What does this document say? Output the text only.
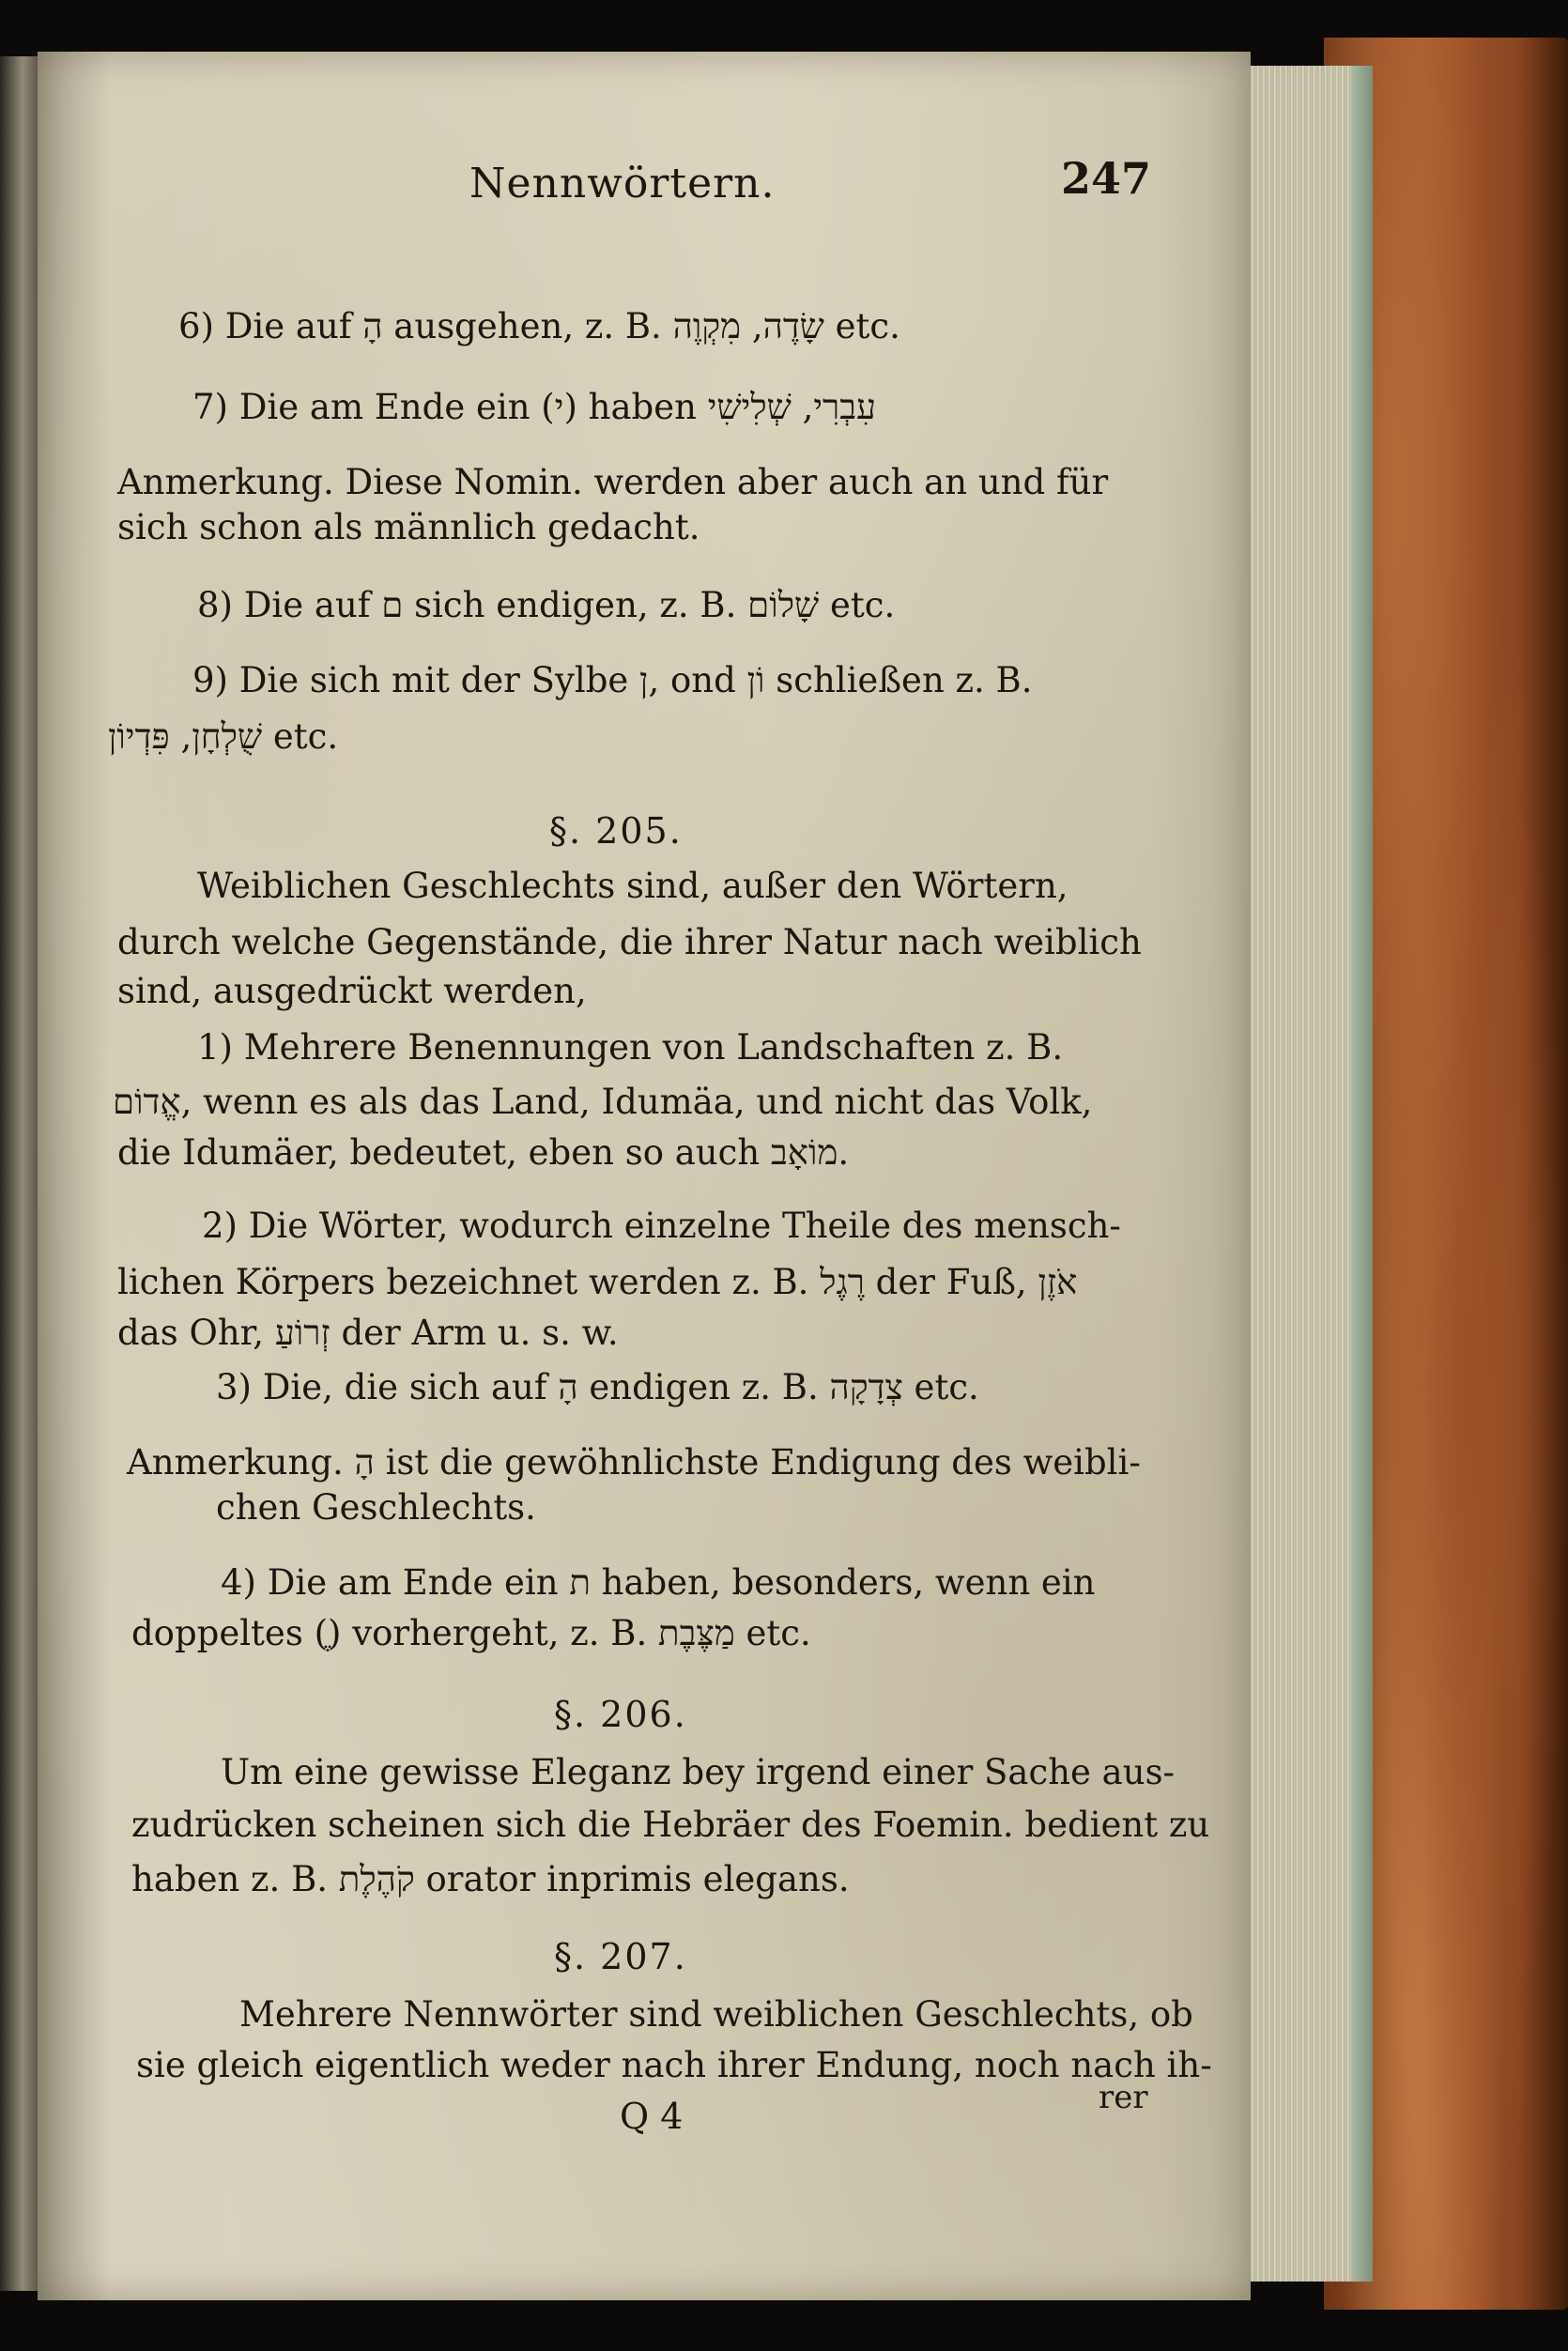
Nennwörtern.	247
6) Die auf הָ ausgehen, z. B. שָׂדֶה, מִקְוֶה etc.
7) Die am Ende ein (י) haben עִבְרִי, שְׁלִישִׁי
Anmerkung. Diese Nomin. werden aber auch an und für
sich schon als männlich gedacht.
8) Die auf ם sich endigen, z. B. שָׁלוֹם etc.
9) Die sich mit der Sylbe ן, ond וֹן schließen z. B.
שֻׁלְחָן, פִּדְיוֹן etc.
§. 205.
Weiblichen Geschlechts sind, außer den Wörtern,
durch welche Gegenstände, die ihrer Natur nach weiblich
sind, ausgedrückt werden,
1) Mehrere Benennungen von Landschaften z. B.
אֱדוֹם, wenn es als das Land, Idumäa, und nicht das Volk,
die Idumäer, bedeutet, eben so auch מוֹאָב.
2) Die Wörter, wodurch einzelne Theile des mensch-
lichen Körpers bezeichnet werden z. B. רֶגֶל der Fuß, אֹזֶן
das Ohr, זְרוֹעַ der Arm u. s. w.
3) Die, die sich auf הָ endigen z. B. צְדָקָה etc.
Anmerkung. הָ ist die gewöhnlichste Endigung des weibli-
chen Geschlechts.
4) Die am Ende ein ת haben, besonders, wenn ein
doppeltes (ֶ) vorhergeht, z. B. מַצֶּבֶת etc.
§. 206.
Um eine gewisse Eleganz bey irgend einer Sache aus-
zudrücken scheinen sich die Hebräer des Foemin. bedient zu
haben z. B. קֹהֶלֶת orator inprimis elegans.
§. 207.
Mehrere Nennwörter sind weiblichen Geschlechts, ob
sie gleich eigentlich weder nach ihrer Endung, noch nach ih-
Q 4	rer
